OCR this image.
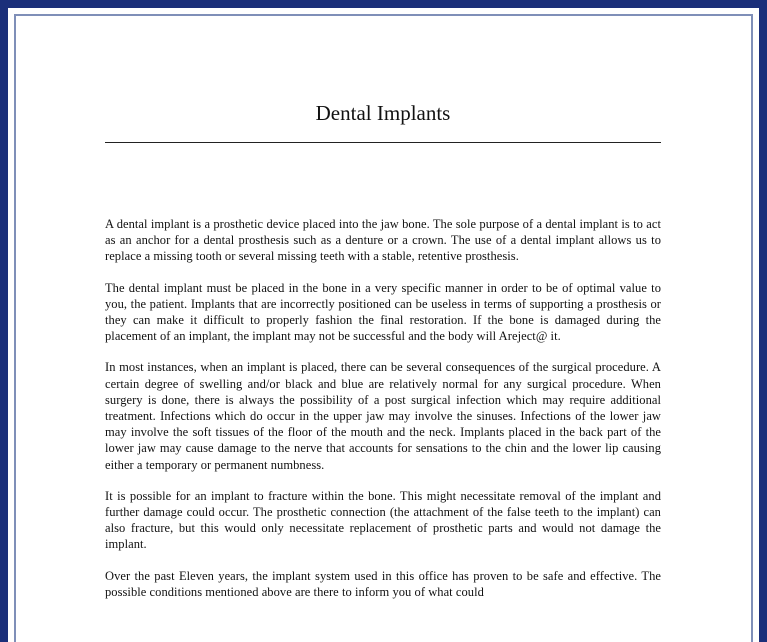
Dental Implants

A dental implant is a prosthetic device placed into the jaw bone. The sole purpose of a dental implant is to act as an anchor for a dental prosthesis such as a denture or a crown. The use of a dental implant allows us to replace a missing tooth or several missing teeth with a stable, retentive prosthesis.

The dental implant must be placed in the bone in a very specific manner in order to be of optimal value to you, the patient. Implants that are incorrectly positioned can be useless in terms of supporting a prosthesis or they can make it difficult to properly fashion the final restoration. If the bone is damaged during the placement of an implant, the implant may not be successful and the body will Areject@ it.

In most instances, when an implant is placed, there can be several consequences of the surgical procedure. A certain degree of swelling and/or black and blue are relatively normal for any surgical procedure. When surgery is done, there is always the possibility of a post surgical infection which may require additional treatment. Infections which do occur in the upper jaw may involve the sinuses. Infections of the lower jaw may involve the soft tissues of the floor of the mouth and the neck. Implants placed in the back part of the lower jaw may cause damage to the nerve that accounts for sensations to the chin and the lower lip causing either a temporary or permanent numbness.

It is possible for an implant to fracture within the bone. This might necessitate removal of the implant and further damage could occur. The prosthetic connection (the attachment of the false teeth to the implant) can also fracture, but this would only necessitate replacement of prosthetic parts and would not damage the implant.

Over the past Eleven years, the implant system used in this office has proven to be safe and effective. The possible conditions mentioned above are there to inform you of what could
